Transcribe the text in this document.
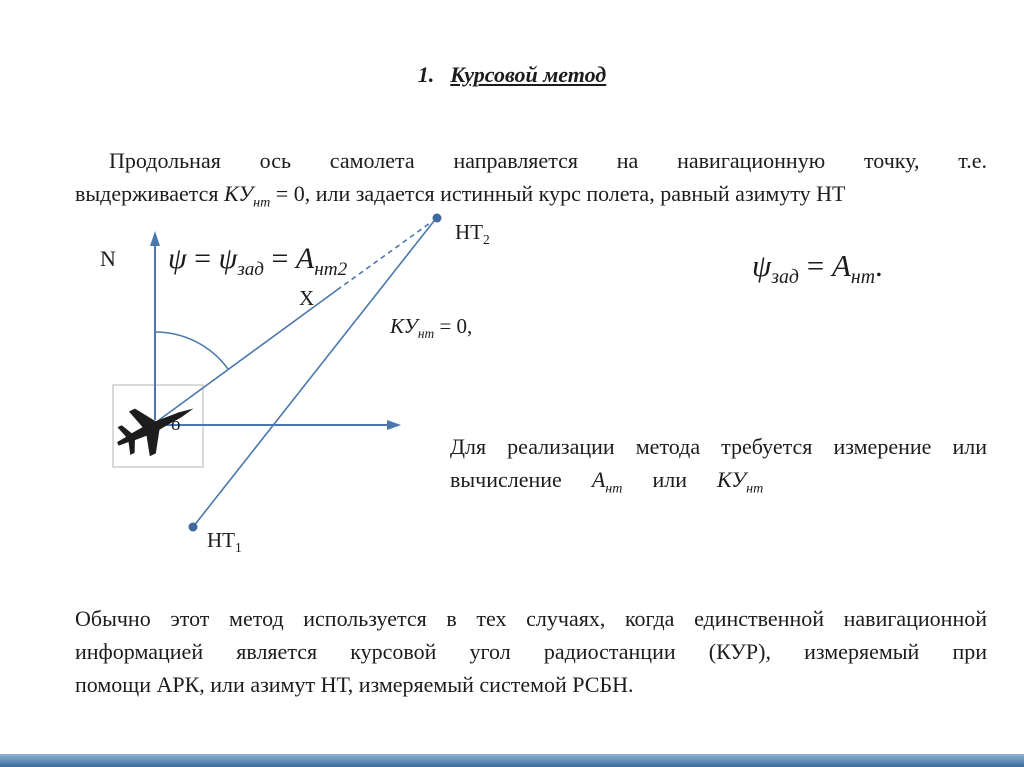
1. Курсовой метод
Продольная ось самолета направляется на навигационную точку, т.е.
выдерживается $КУ_{нт} = 0$, или задается истинный курс полета, равный азимуту НТ
N $\psi = \psi_{зад} = A_{нт2}$
X
$КУ_{нт} = 0$,
о
$НТ_2$
$НТ_1$
$\psi_{зад} = A_{нт}$.
Для реализации метода требуется измерение или
вычисление $A_{нт}$ или $КУ_{нт}$
Обычно этот метод используется в тех случаях, когда единственной навигационной
информацией является курсовой угол радиостанции (КУР), измеряемый при
помощи АРК, или азимут НТ, измеряемый системой РСБН.
